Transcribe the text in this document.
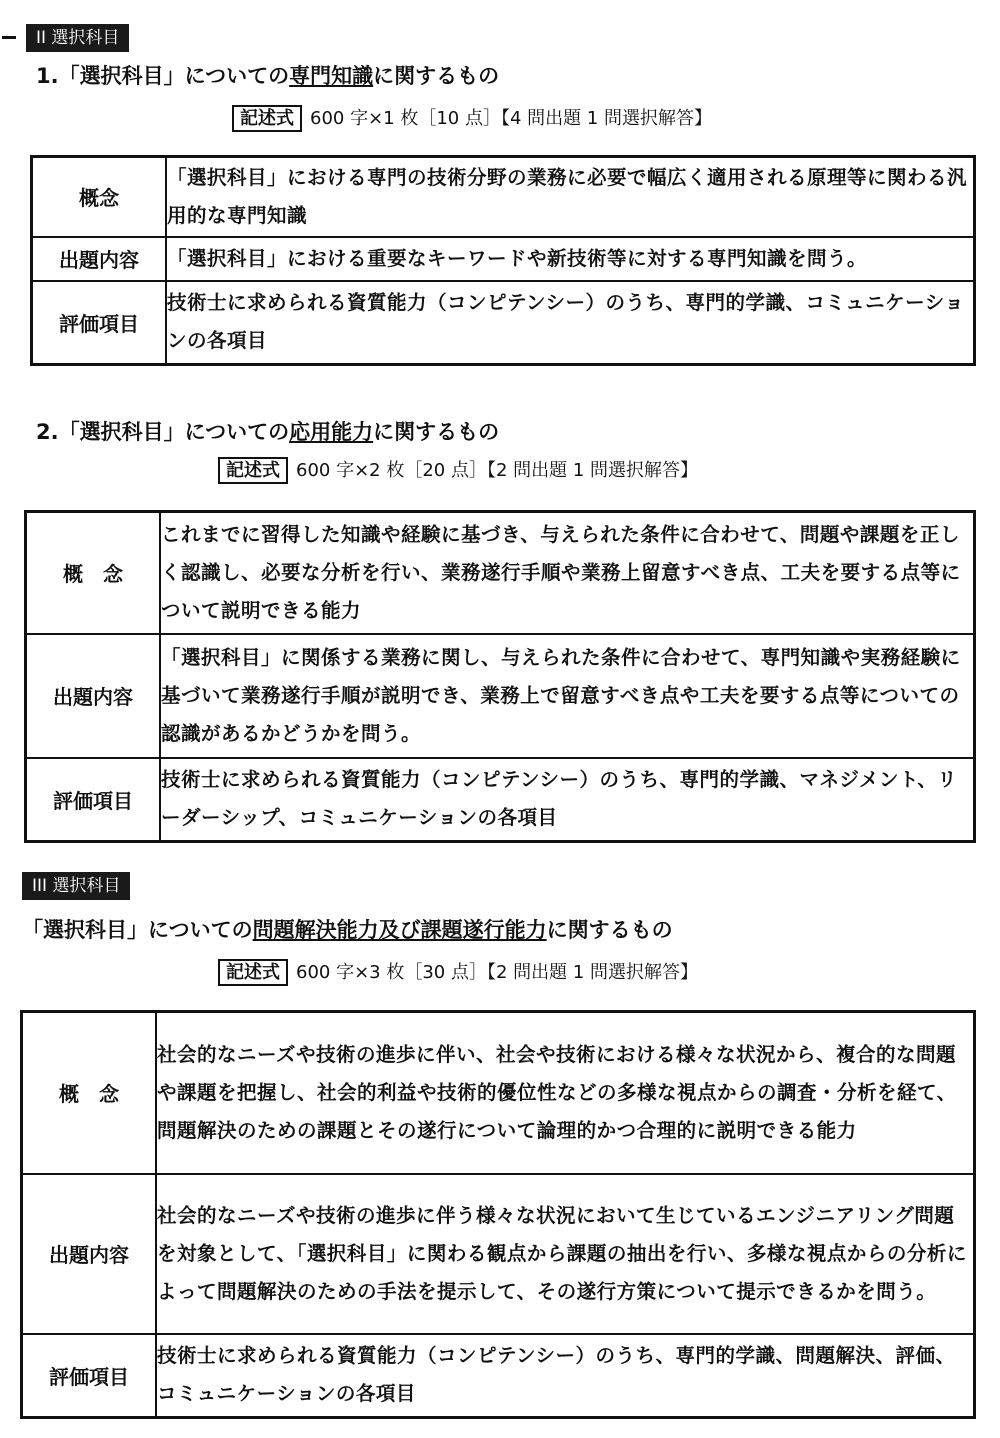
II 選択科目
1.「選択科目」についての専門知識に関するもの
記述式 600 字×1 枚［10 点］【4 問出題 1 問選択解答】
概念	「選択科目」における専門の技術分野の業務に必要で幅広く適用される原理等に関わる汎用的な専門知識
出題内容	「選択科目」における重要なキーワードや新技術等に対する専門知識を問う。
評価項目	技術士に求められる資質能力（コンピテンシー）のうち、専門的学識、コミュニケーションの各項目
2.「選択科目」についての応用能力に関するもの
記述式 600 字×2 枚［20 点］【2 問出題 1 問選択解答】
概　念	これまでに習得した知識や経験に基づき、与えられた条件に合わせて、問題や課題を正しく認識し、必要な分析を行い、業務遂行手順や業務上留意すべき点、工夫を要する点等について説明できる能力
出題内容	「選択科目」に関係する業務に関し、与えられた条件に合わせて、専門知識や実務経験に基づいて業務遂行手順が説明でき、業務上で留意すべき点や工夫を要する点等についての認識があるかどうかを問う。
評価項目	技術士に求められる資質能力（コンピテンシー）のうち、専門的学識、マネジメント、リーダーシップ、コミュニケーションの各項目
III 選択科目
「選択科目」についての問題解決能力及び課題遂行能力に関するもの
記述式 600 字×3 枚［30 点］【2 問出題 1 問選択解答】
概　念	社会的なニーズや技術の進歩に伴い、社会や技術における様々な状況から、複合的な問題や課題を把握し、社会的利益や技術的優位性などの多様な視点からの調査・分析を経て、問題解決のための課題とその遂行について論理的かつ合理的に説明できる能力
出題内容	社会的なニーズや技術の進歩に伴う様々な状況において生じているエンジニアリング問題を対象として、「選択科目」に関わる観点から課題の抽出を行い、多様な視点からの分析によって問題解決のための手法を提示して、その遂行方策について提示できるかを問う。
評価項目	技術士に求められる資質能力（コンピテンシー）のうち、専門的学識、問題解決、評価、コミュニケーションの各項目
